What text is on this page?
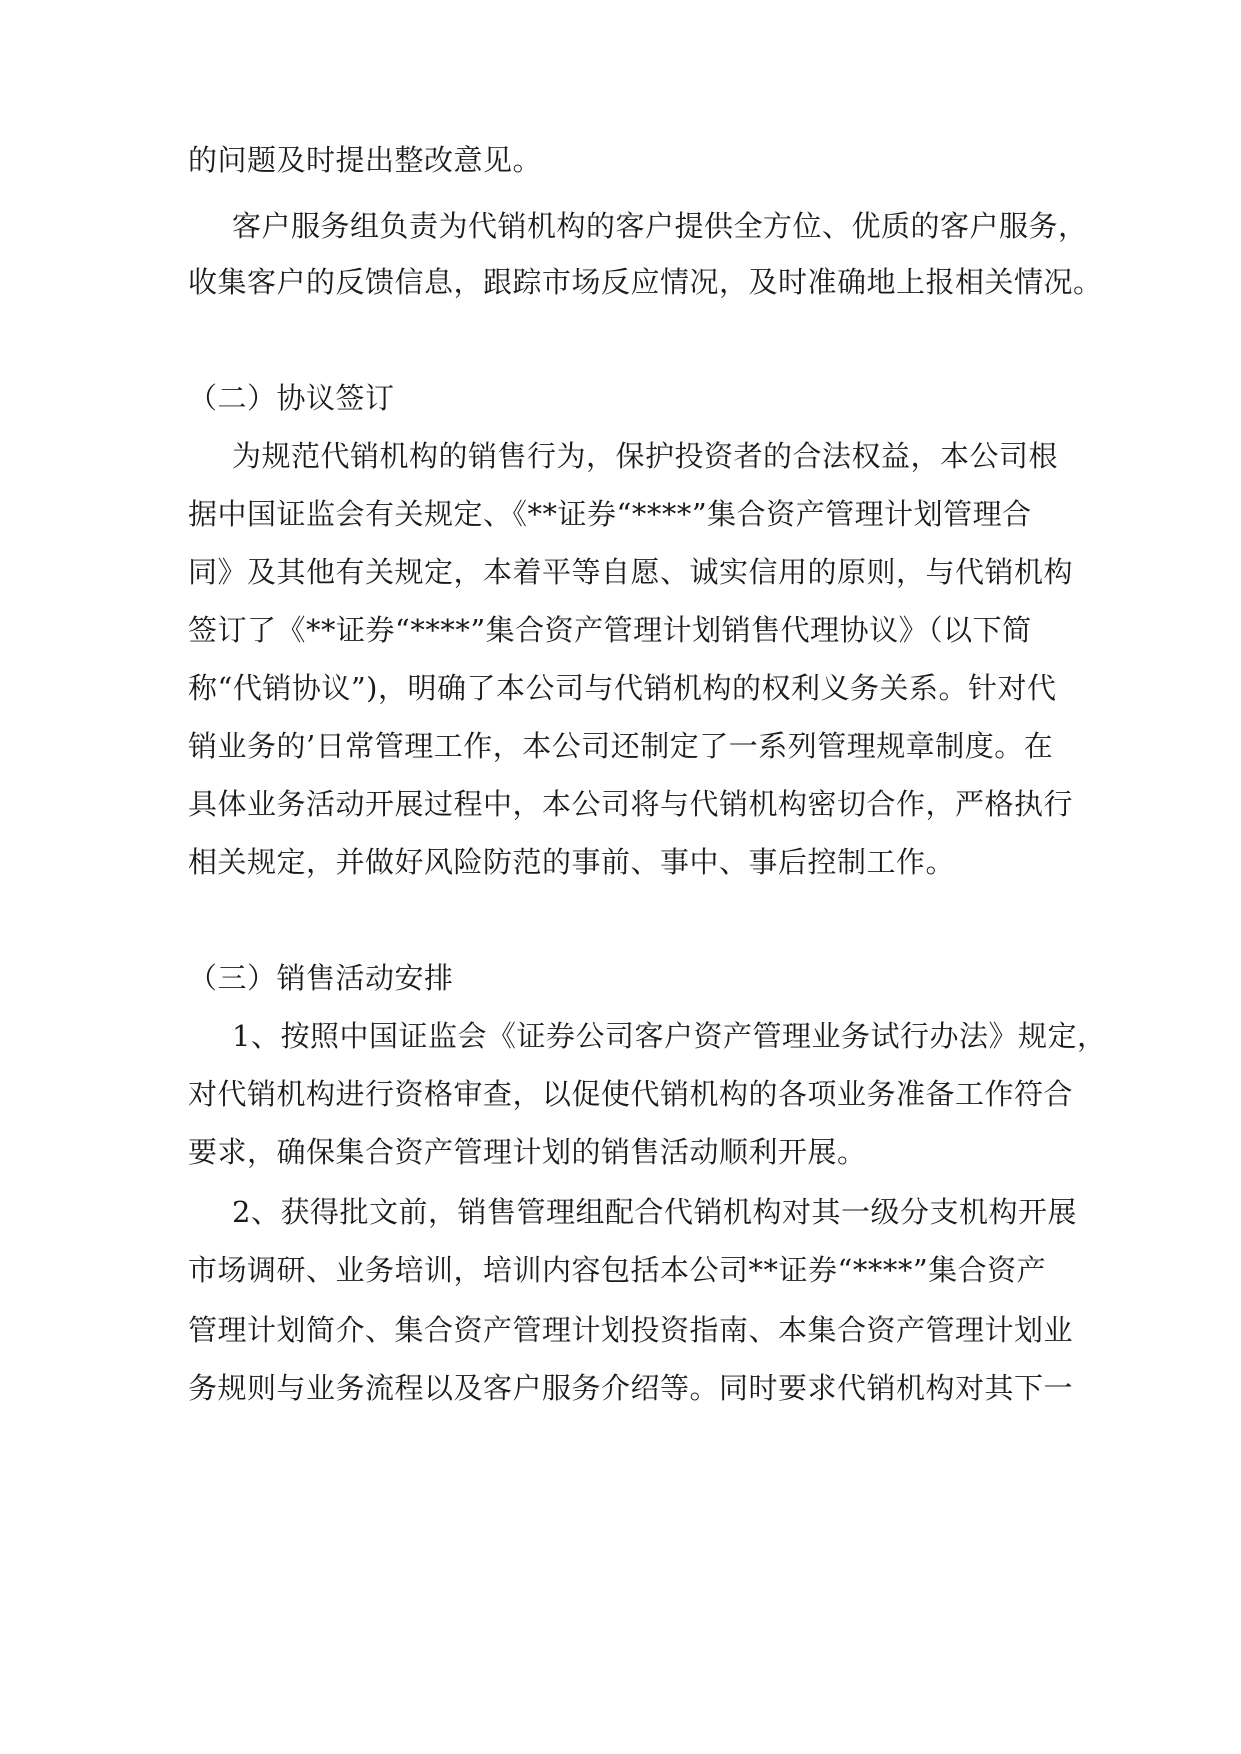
的问题及时提出整改意见。
客户服务组负责为代销机构的客户提供全方位、优质的客户服务，
收集客户的反馈信息，跟踪市场反应情况，及时准确地上报相关情况。
（二）协议签订
为规范代销机构的销售行为，保护投资者的合法权益，本公司根
据中国证监会有关规定、《**证券“****”集合资产管理计划管理合
同》及其他有关规定，本着平等自愿、诚实信用的原则，与代销机构
签订了《**证券“****”集合资产管理计划销售代理协议》（以下简
称“代销协议”)，明确了本公司与代销机构的权利义务关系。针对代
销业务的’日常管理工作，本公司还制定了一系列管理规章制度。在
具体业务活动开展过程中，本公司将与代销机构密切合作，严格执行
相关规定，并做好风险防范的事前、事中、事后控制工作。
（三）销售活动安排
1、按照中国证监会《证券公司客户资产管理业务试行办法》规定，
对代销机构进行资格审查，以促使代销机构的各项业务准备工作符合
要求，确保集合资产管理计划的销售活动顺利开展。
2、获得批文前，销售管理组配合代销机构对其一级分支机构开展
市场调研、业务培训，培训内容包括本公司**证券“****”集合资产
管理计划简介、集合资产管理计划投资指南、本集合资产管理计划业
务规则与业务流程以及客户服务介绍等。同时要求代销机构对其下一
